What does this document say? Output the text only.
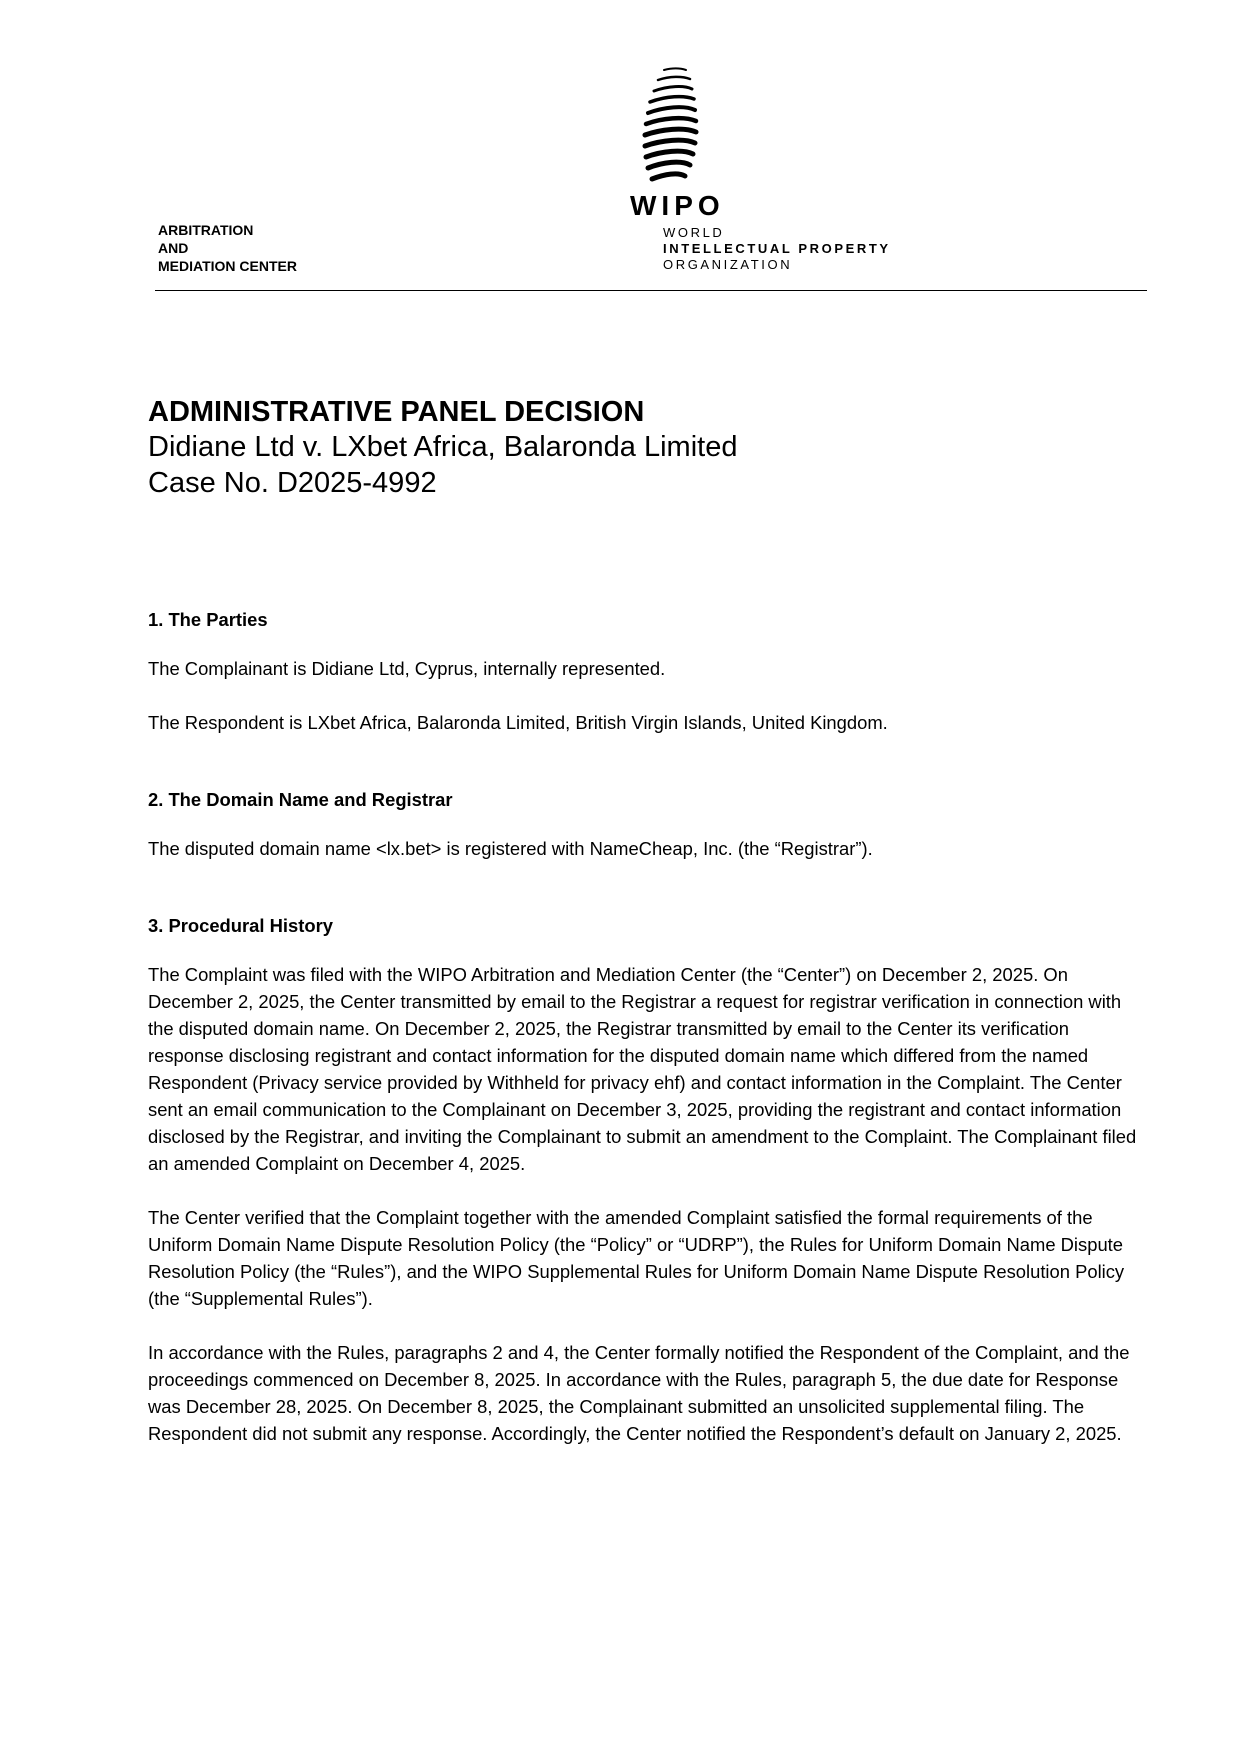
ARBITRATION
AND
MEDIATION CENTER
WIPO
WORLD
INTELLECTUAL PROPERTY
ORGANIZATION
ADMINISTRATIVE PANEL DECISION
Didiane Ltd v. LXbet Africa, Balaronda Limited
Case No. D2025-4992
1. The Parties

The Complainant is Didiane Ltd, Cyprus, internally represented.

The Respondent is LXbet Africa, Balaronda Limited, British Virgin Islands, United Kingdom.

2. The Domain Name and Registrar

The disputed domain name <lx.bet> is registered with NameCheap, Inc. (the “Registrar”).

3. Procedural History

The Complaint was filed with the WIPO Arbitration and Mediation Center (the “Center”) on December 2, 2025. On December 2, 2025, the Center transmitted by email to the Registrar a request for registrar verification in connection with the disputed domain name. On December 2, 2025, the Registrar transmitted by email to the Center its verification response disclosing registrant and contact information for the disputed domain name which differed from the named Respondent (Privacy service provided by Withheld for privacy ehf) and contact information in the Complaint. The Center sent an email communication to the Complainant on December 3, 2025, providing the registrant and contact information disclosed by the Registrar, and inviting the Complainant to submit an amendment to the Complaint. The Complainant filed an amended Complaint on December 4, 2025.

The Center verified that the Complaint together with the amended Complaint satisfied the formal requirements of the Uniform Domain Name Dispute Resolution Policy (the “Policy” or “UDRP”), the Rules for Uniform Domain Name Dispute Resolution Policy (the “Rules”), and the WIPO Supplemental Rules for Uniform Domain Name Dispute Resolution Policy (the “Supplemental Rules”).

In accordance with the Rules, paragraphs 2 and 4, the Center formally notified the Respondent of the Complaint, and the proceedings commenced on December 8, 2025. In accordance with the Rules, paragraph 5, the due date for Response was December 28, 2025. On December 8, 2025, the Complainant submitted an unsolicited supplemental filing. The Respondent did not submit any response. Accordingly, the Center notified the Respondent’s default on January 2, 2025.
